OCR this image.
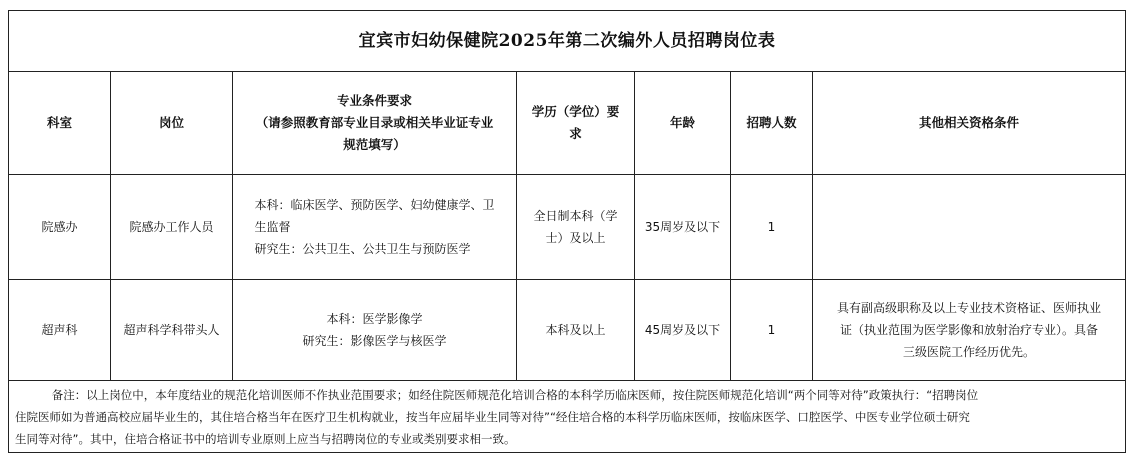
宜宾市妇幼保健院2025年第二次编外人员招聘岗位表						
科室	岗位	专业条件要求
（请参照教育部专业目录或相关毕业证专业
规范填写）	学历（学位）要
求	年龄	招聘人数	其他相关资格条件
院感办	院感办工作人员	本科：临床医学、预防医学、妇幼健康学、卫
生监督
研究生：公共卫生、公共卫生与预防医学	全日制本科（学
士）及以上	35周岁及以下	1	
超声科	超声科学科带头人	本科：医学影像学
研究生：影像医学与核医学	本科及以上	45周岁及以下	1	具有副高级职称及以上专业技术资格证、医师执业
证（执业范围为医学影像和放射治疗专业）。具备
三级医院工作经历优先。

备注：以上岗位中，本年度结业的规范化培训医师不作执业范围要求；如经住院医师规范化培训合格的本科学历临床医师，按住院医师规范化培训“两个同等对待”政策执行：“招聘岗位
住院医师如为普通高校应届毕业生的，其住培合格当年在医疗卫生机构就业，按当年应届毕业生同等对待”“经住培合格的本科学历临床医师，按临床医学、口腔医学、中医专业学位硕士研究
生同等对待”。其中，住培合格证书中的培训专业原则上应当与招聘岗位的专业或类别要求相一致。						
